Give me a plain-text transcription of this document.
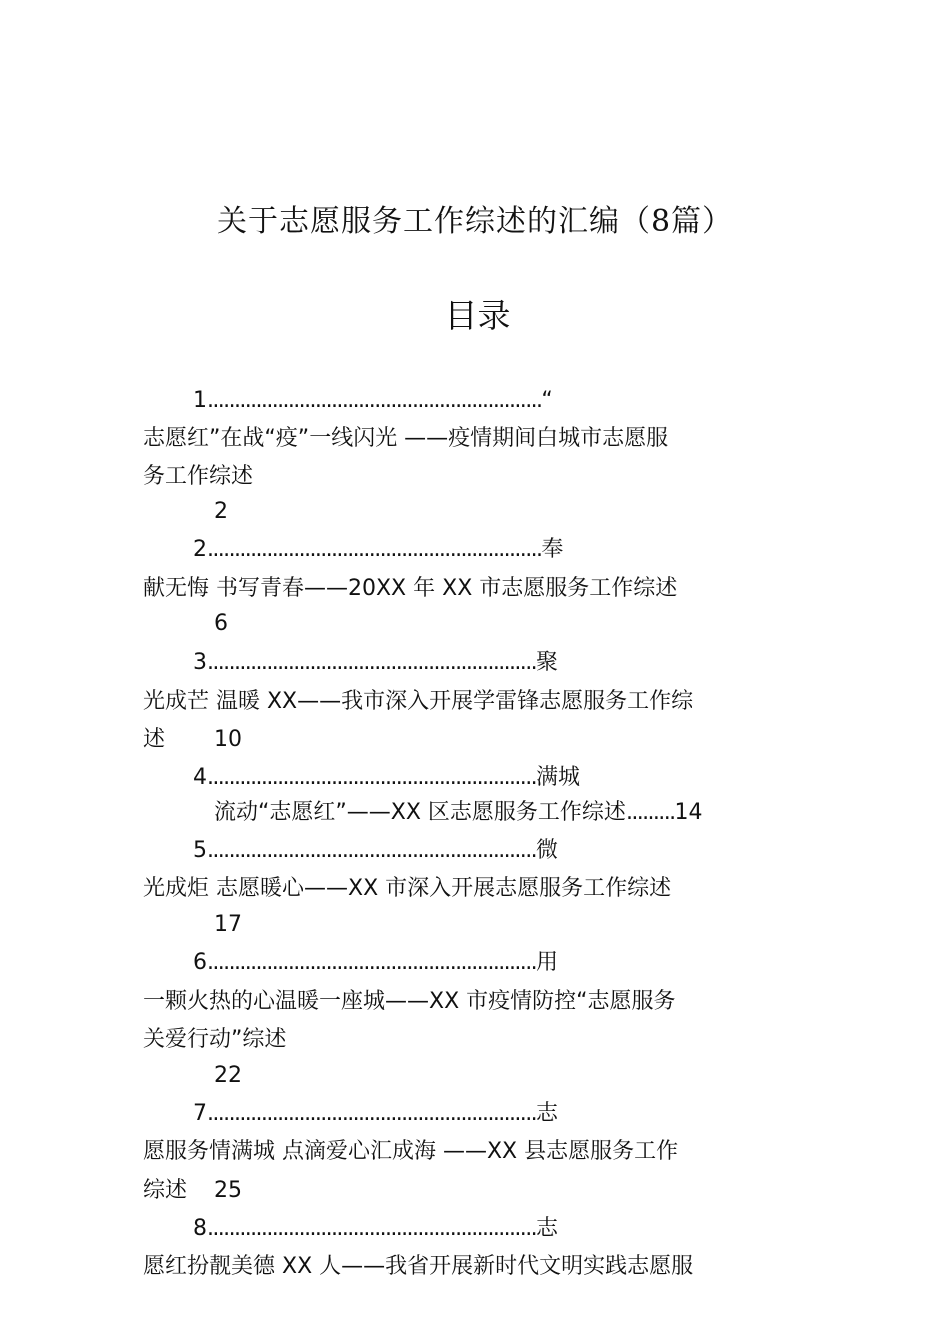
关于志愿服务工作综述的汇编（8篇）
目录
1..............................................................“
志愿红”在战“疫”一线闪光 ——疫情期间白城市志愿服
务工作综述
2
2..............................................................奉
献无悔 书写青春——20XX 年 XX 市志愿服务工作综述
6
3.............................................................聚
光成芒 温暖 XX——我市深入开展学雷锋志愿服务工作综
述 10
4.............................................................满城
流动“志愿红”——XX 区志愿服务工作综述.........14
5.............................................................微
光成炬 志愿暖心——XX 市深入开展志愿服务工作综述
17
6.............................................................用
一颗火热的心温暖一座城——XX 市疫情防控“志愿服务
关爱行动”综述
22
7.............................................................志
愿服务情满城 点滴爱心汇成海 ——XX 县志愿服务工作
综述 25
8.............................................................志
愿红扮靓美德 XX 人——我省开展新时代文明实践志愿服
